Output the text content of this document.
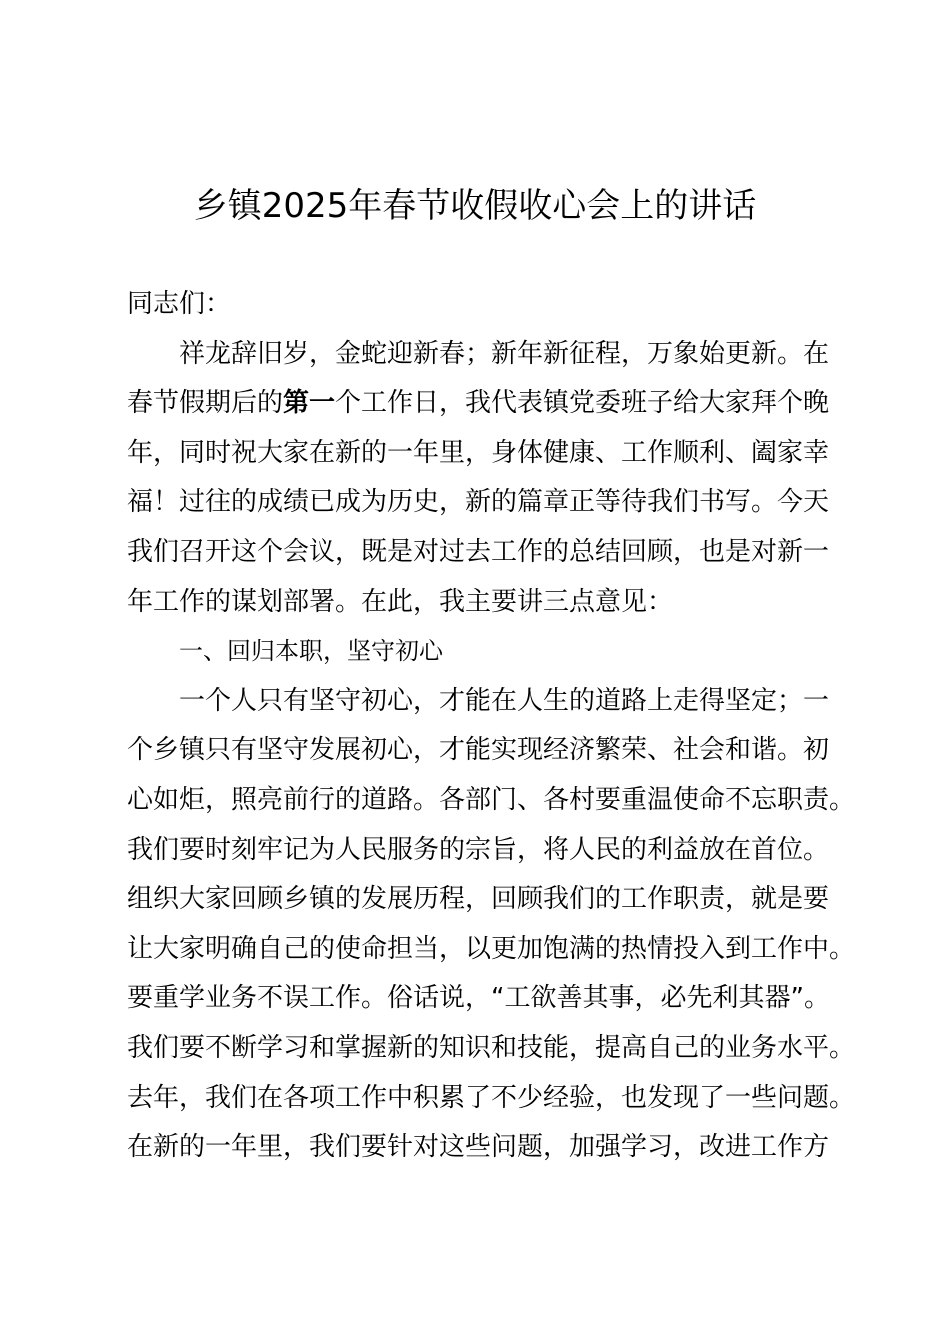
乡镇2025年春节收假收心会上的讲话
同志们：
祥龙辞旧岁，金蛇迎新春；新年新征程，万象始更新。在
春节假期后的第一个工作日，我代表镇党委班子给大家拜个晚
年，同时祝大家在新的一年里，身体健康、工作顺利、阖家幸
福！过往的成绩已成为历史，新的篇章正等待我们书写。今天
我们召开这个会议，既是对过去工作的总结回顾，也是对新一
年工作的谋划部署。在此，我主要讲三点意见：
一、回归本职，坚守初心
一个人只有坚守初心，才能在人生的道路上走得坚定；一
个乡镇只有坚守发展初心，才能实现经济繁荣、社会和谐。初
心如炬，照亮前行的道路。各部门、各村要重温使命不忘职责。
我们要时刻牢记为人民服务的宗旨，将人民的利益放在首位。
组织大家回顾乡镇的发展历程，回顾我们的工作职责，就是要
让大家明确自己的使命担当，以更加饱满的热情投入到工作中。
要重学业务不误工作。俗话说，“工欲善其事，必先利其器”。
我们要不断学习和掌握新的知识和技能，提高自己的业务水平。
去年，我们在各项工作中积累了不少经验，也发现了一些问题。
在新的一年里，我们要针对这些问题，加强学习，改进工作方
